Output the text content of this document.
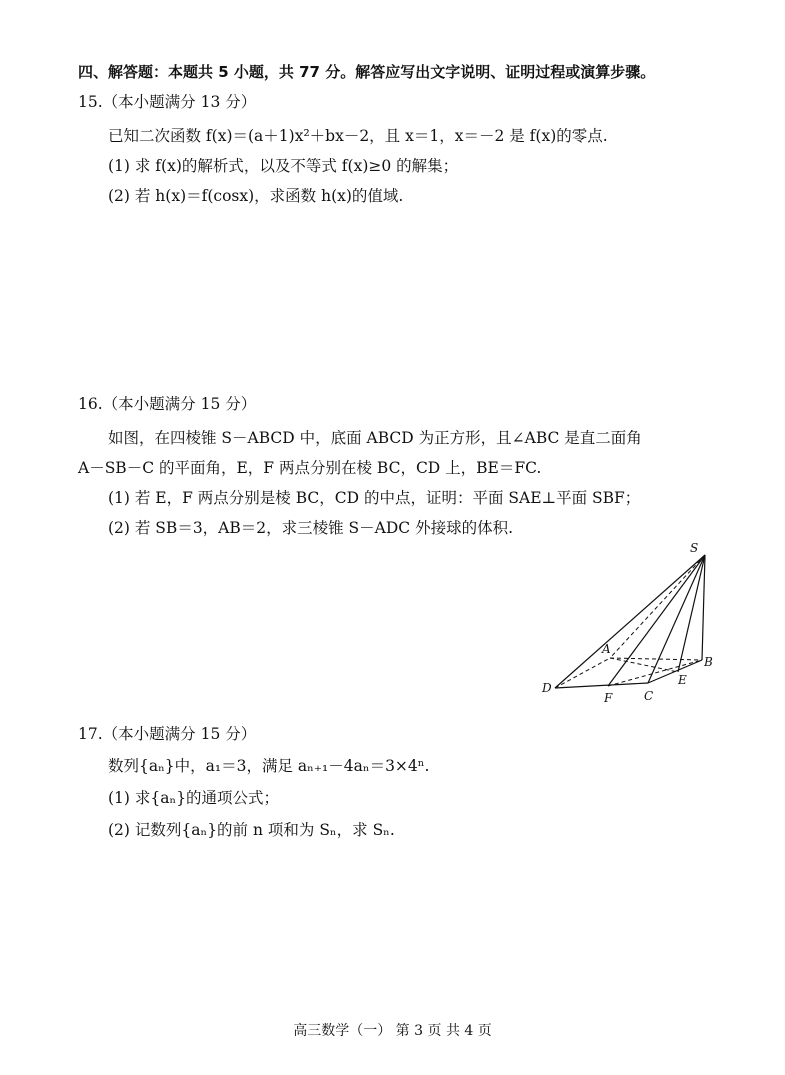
四、解答题：本题共 5 小题，共 77 分。解答应写出文字说明、证明过程或演算步骤。
15.（本小题满分 13 分）
已知二次函数 f(x)＝(a＋1)x²＋bx－2，且 x＝1，x＝－2 是 f(x)的零点.
(1) 求 f(x)的解析式，以及不等式 f(x)≥0 的解集；
(2) 若 h(x)＝f(cosx)，求函数 h(x)的值域.
16.（本小题满分 15 分）
如图，在四棱锥 S－ABCD 中，底面 ABCD 为正方形，且∠ABC 是直二面角
A－SB－C 的平面角，E，F 两点分别在棱 BC，CD 上，BE＝FC.
(1) 若 E，F 两点分别是棱 BC，CD 的中点，证明：平面 SAE⊥平面 SBF；
(2) 若 SB＝3，AB＝2，求三棱锥 S－ADC 外接球的体积.
S
A
B
C
D
E
F
17.（本小题满分 15 分）
数列{aₙ}中，a₁＝3，满足 aₙ₊₁－4aₙ＝3×4ⁿ.
(1) 求{aₙ}的通项公式；
(2) 记数列{aₙ}的前 n 项和为 Sₙ，求 Sₙ.
高三数学（一） 第 3 页 共 4 页
